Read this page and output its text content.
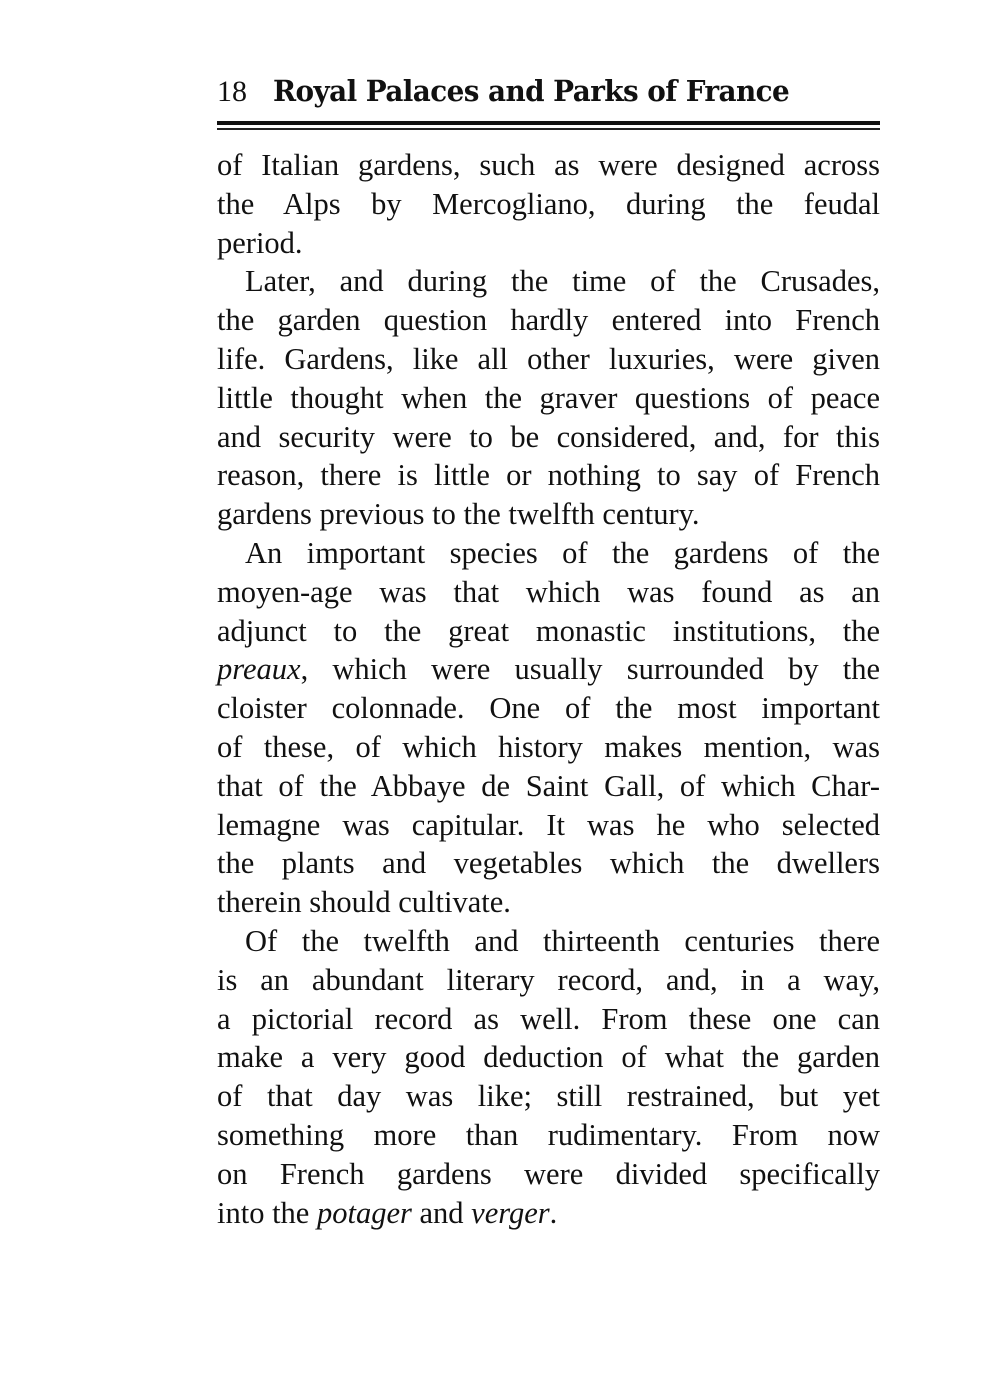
18 Royal Palaces and Parks of France
of Italian gardens, such as were designed across
the Alps by Mercogliano, during the feudal
period.
Later, and during the time of the Crusades,
the garden question hardly entered into French
life. Gardens, like all other luxuries, were given
little thought when the graver questions of peace
and security were to be considered, and, for this
reason, there is little or nothing to say of French
gardens previous to the twelfth century.
An important species of the gardens of the
moyen-age was that which was found as an
adjunct to the great monastic institutions, the
preaux, which were usually surrounded by the
cloister colonnade. One of the most important
of these, of which history makes mention, was
that of the Abbaye de Saint Gall, of which Char-
lemagne was capitular. It was he who selected
the plants and vegetables which the dwellers
therein should cultivate.
Of the twelfth and thirteenth centuries there
is an abundant literary record, and, in a way,
a pictorial record as well. From these one can
make a very good deduction of what the garden
of that day was like; still restrained, but yet
something more than rudimentary. From now
on French gardens were divided specifically
into the potager and verger.
